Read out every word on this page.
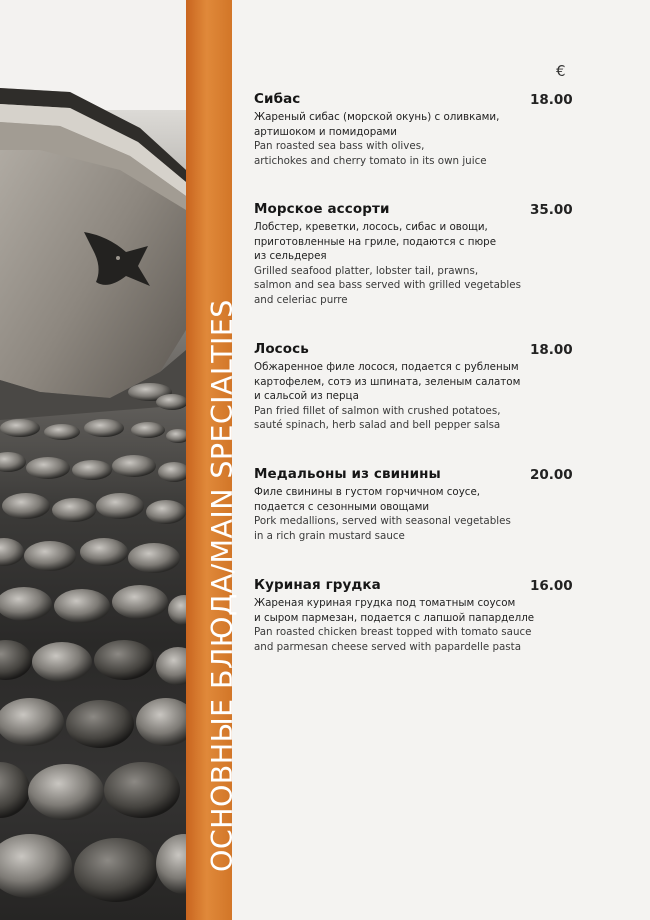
ОСНОВНЫЕ БЛЮДА/MAIN SPECIALTIES
€
Сибас
Жареный сибас (морской окунь) с оливками,
артишоком и помидорами
Pan roasted sea bass with olives,
artichokes and cherry tomato in its own juice
18.00
Морское ассорти
Лобстер, креветки, лосось, сибас и овощи,
приготовленные на гриле, подаются с пюре
из сельдерея
Grilled seafood platter, lobster tail, prawns,
salmon and sea bass served with grilled vegetables
and celeriac purre
35.00
Лосось
Обжаренное филе лосося, подается с рубленым
картофелем, сотэ из шпината, зеленым салатом
и сальсой из перца
Pan fried fillet of salmon with crushed potatoes,
sauté spinach, herb salad and bell pepper salsa
18.00
Медальоны из свинины
Филе свинины в густом горчичном соусе,
подается с сезонными овощами
Pork medallions, served with seasonal vegetables
in a rich grain mustard sauce
20.00
Куриная грудка
Жареная куриная грудка под томатным соусом
и сыром пармезан, подается с лапшой папарделле
Pan roasted chicken breast topped with tomato sauce
and parmesan cheese served with papardelle pasta
16.00
